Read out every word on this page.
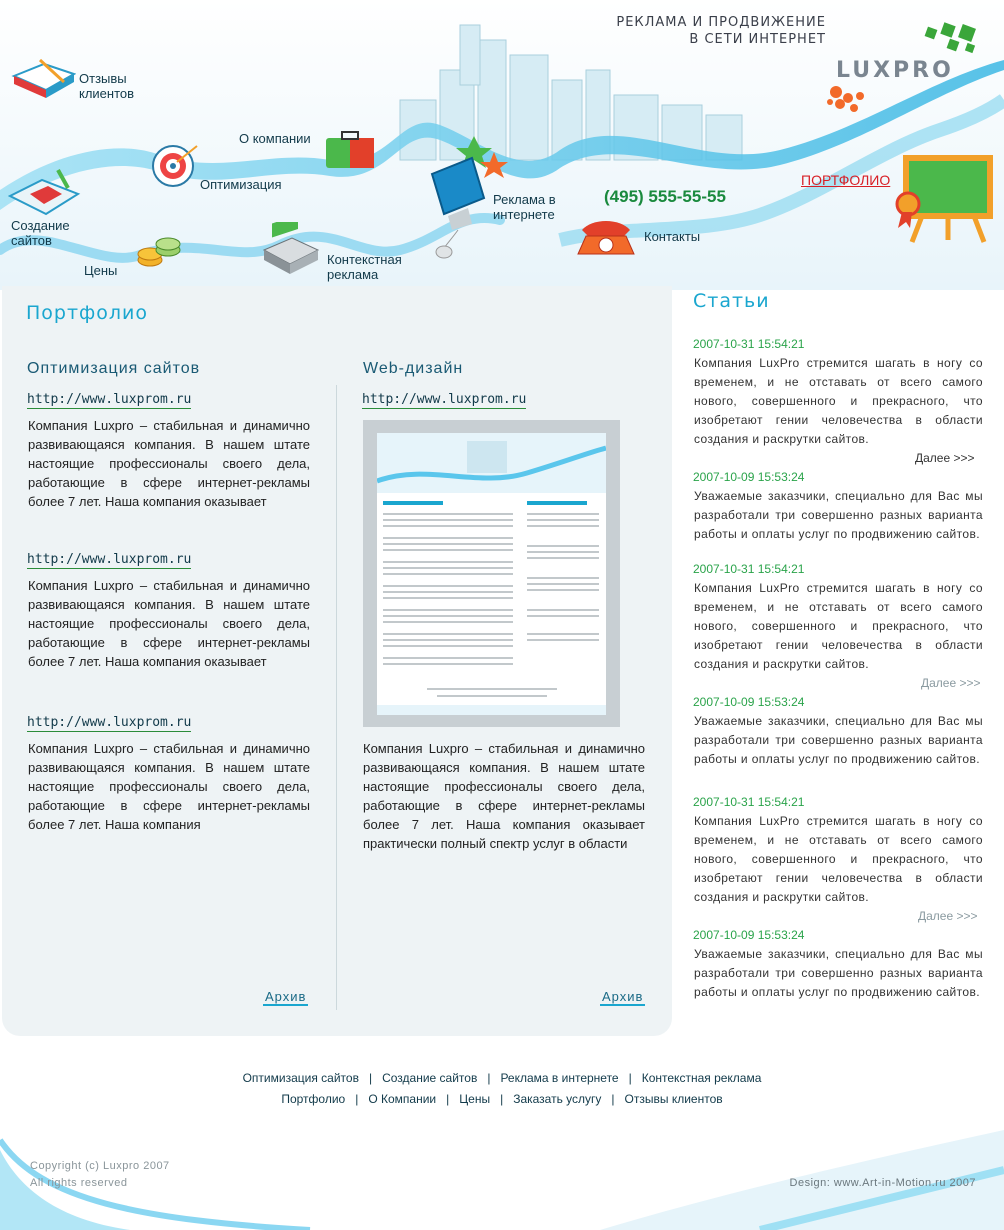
РЕКЛАМА И ПРОДВИЖЕНИЕ
В СЕТИ ИНТЕРНЕТ
LUXPRO
Отзывы клиентов
О компании
Оптимизация
Создание сайтов
Цены
Контекстная реклама
Реклама в интернете
(495) 555-55-55
Контакты
ПОРТФОЛИО
Портфолио
Оптимизация сайтов
http://www.luxprom.ru
Компания Luxpro – стабильная и динамично развивающаяся компания. В нашем штате настоящие профессионалы своего дела, работающие в сфере интернет-рекламы более 7 лет. Наша компания оказывает
http://www.luxprom.ru
Компания Luxpro – стабильная и динамично развивающаяся компания. В нашем штате настоящие профессионалы своего дела, работающие в сфере интернет-рекламы более 7 лет. Наша компания оказывает
http://www.luxprom.ru
Компания Luxpro – стабильная и динамично развивающаяся компания. В нашем штате настоящие профессионалы своего дела, работающие в сфере интернет-рекламы более 7 лет. Наша компания
Архив
Web-дизайн
http://www.luxprom.ru
Компания Luxpro – стабильная и динамично развивающаяся компания. В нашем штате настоящие профессионалы своего дела, работающие в сфере интернет-рекламы более 7 лет. Наша компания оказывает практически полный спектр услуг в области
Архив
Статьи
2007-10-31 15:54:21
Компания LuxPro стремится шагать в ногу со временем, и не отставать от всего самого нового, совершенного и прекрасного, что изобретают гении человечества в области создания и раскрутки сайтов.
Далее >>>
2007-10-09 15:53:24
Уважаемые заказчики, специально для Вас мы разработали три совершенно разных варианта работы и оплаты услуг по продвижению сайтов.
2007-10-31 15:54:21
Компания LuxPro стремится шагать в ногу со временем, и не отставать от всего самого нового, совершенного и прекрасного, что изобретают гении человечества в области создания и раскрутки сайтов.
Далее >>>
2007-10-09 15:53:24
Уважаемые заказчики, специально для Вас мы разработали три совершенно разных варианта работы и оплаты услуг по продвижению сайтов.
2007-10-31 15:54:21
Компания LuxPro стремится шагать в ногу со временем, и не отставать от всего самого нового, совершенного и прекрасного, что изобретают гении человечества в области создания и раскрутки сайтов.
Далее >>>
2007-10-09 15:53:24
Уважаемые заказчики, специально для Вас мы разработали три совершенно разных варианта работы и оплаты услуг по продвижению сайтов.
Оптимизация сайтов | Создание сайтов | Реклама в интернете | Контекстная реклама
Портфолио | О Компании | Цены | Заказать услугу | Отзывы клиентов
Copyright (c) Luxpro 2007
All rights reserved	Design: www.Art-in-Motion.ru 2007
